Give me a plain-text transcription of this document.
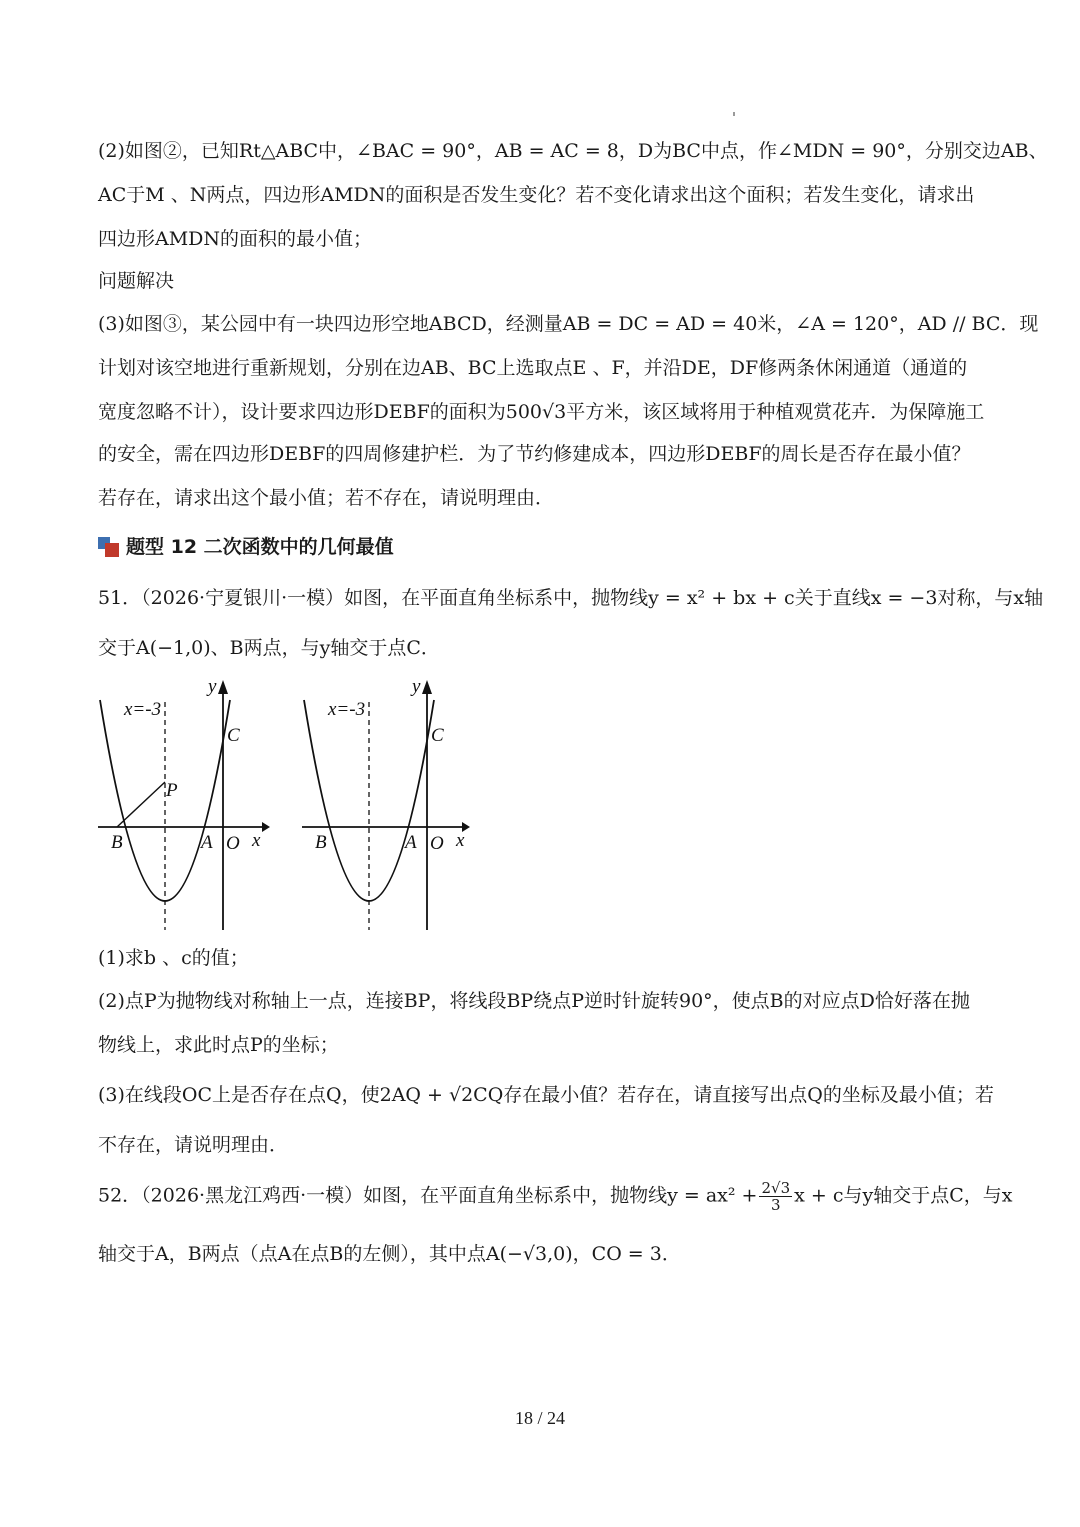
(2)如图②，已知Rt△ABC中，∠BAC = 90°，AB = AC = 8，D为BC中点，作∠MDN = 90°，分别交边AB、
AC于M 、N两点，四边形AMDN的面积是否发生变化？若不变化请求出这个面积；若发生变化，请求出
四边形AMDN的面积的最小值；
问题解决
(3)如图③，某公园中有一块四边形空地ABCD，经测量AB = DC = AD = 40米，∠A = 120°，AD // BC．现
计划对该空地进行重新规划，分别在边AB、BC上选取点E 、F，并沿DE，DF修两条休闲通道（通道的
宽度忽略不计），设计要求四边形DEBF的面积为500√3平方米，该区域将用于种植观赏花卉．为保障施工
的安全，需在四边形DEBF的四周修建护栏．为了节约修建成本，四边形DEBF的周长是否存在最小值？
若存在，请求出这个最小值；若不存在，请说明理由．
题型 12 二次函数中的几何最值
51．（2026·宁夏银川·一模）如图，在平面直角坐标系中，抛物线y = x² + bx + c关于直线x = −3对称，与x轴
交于A(−1,0)、B两点，与y轴交于点C．
x=-3
y
C
P
B	A O x
x=-3
y
C
B	A O x
(1)求b 、c的值；
(2)点P为抛物线对称轴上一点，连接BP，将线段BP绕点P逆时针旋转90°，使点B的对应点D恰好落在抛
物线上，求此时点P的坐标；
(3)在线段OC上是否存在点Q，使2AQ + √2CQ存在最小值？若存在，请直接写出点Q的坐标及最小值；若
不存在，请说明理由．
52．（2026·黑龙江鸡西·一模）如图，在平面直角坐标系中，抛物线$y = ax^2 + \frac{2√3}{3}$ x + c与y轴交于点C，与x
轴交于A，B两点（点A在点B的左侧），其中点A(−√3,0)，CO = 3．
18 / 24
